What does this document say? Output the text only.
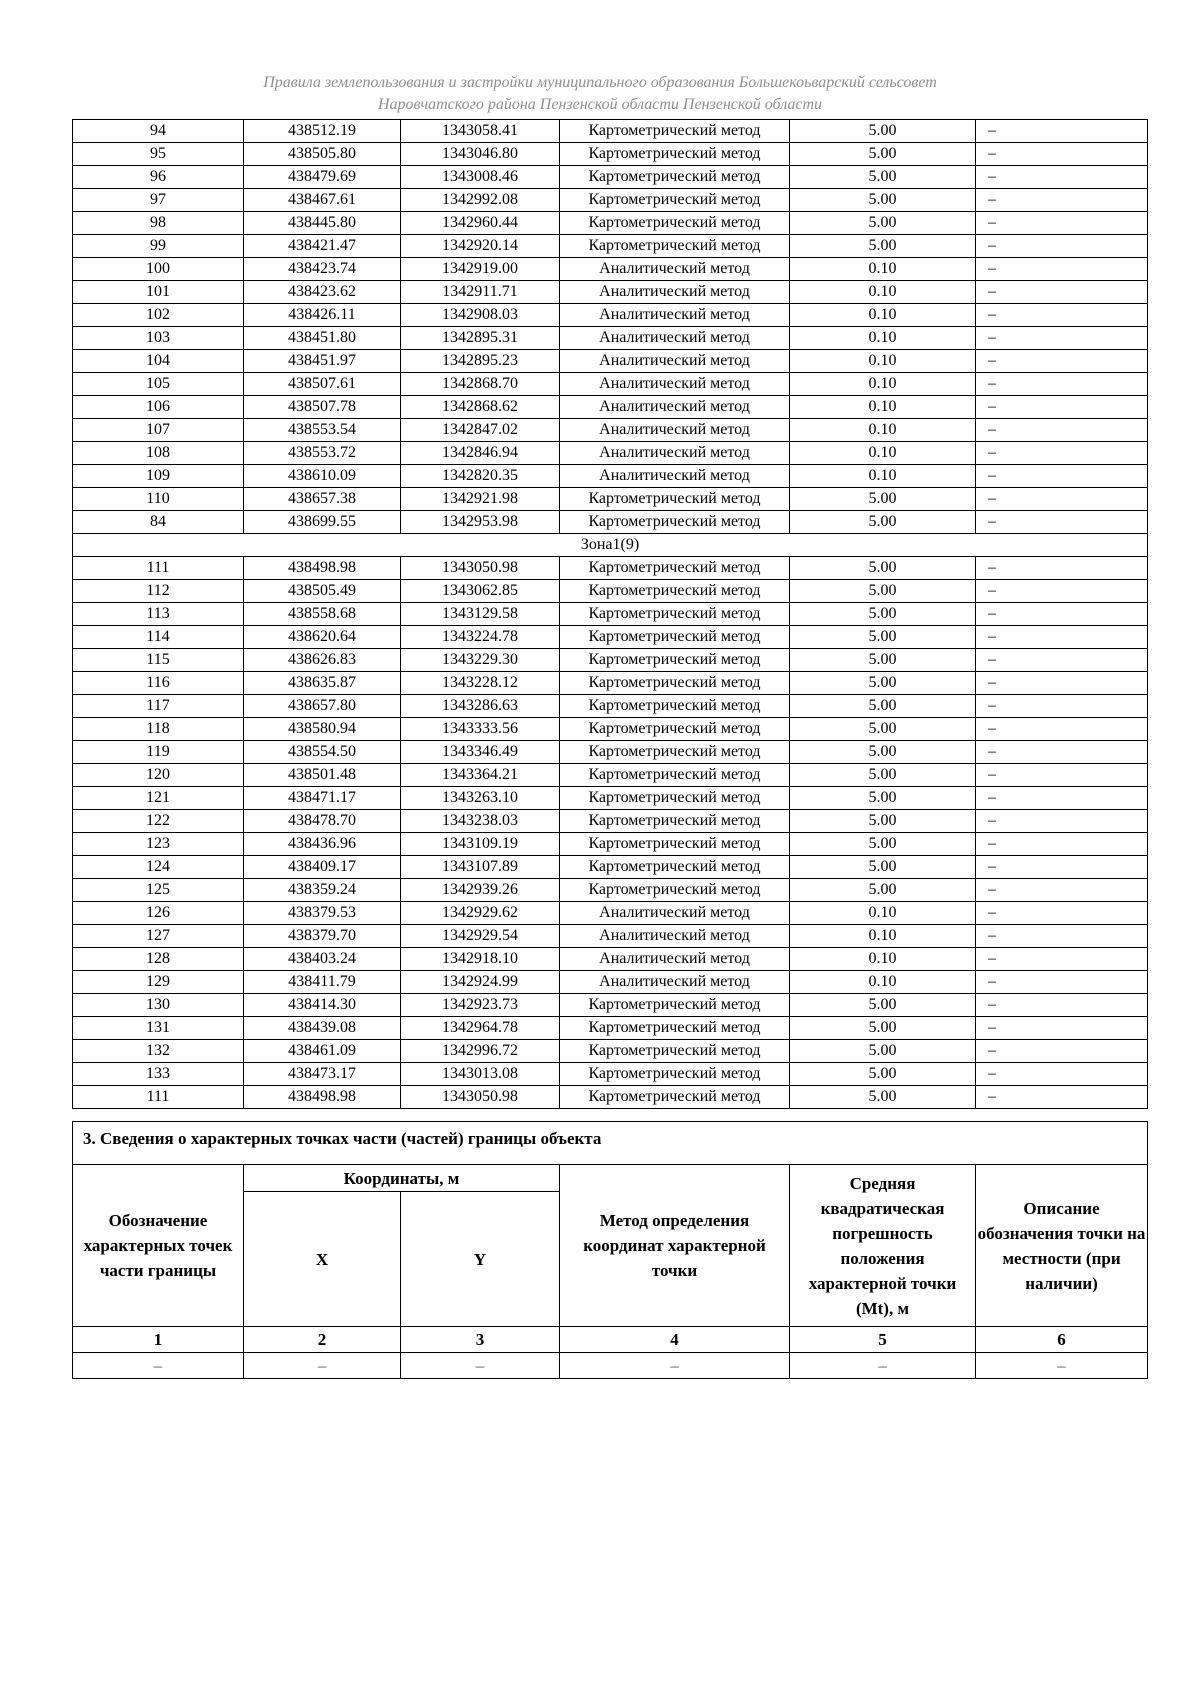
Правила землепользования и застройки муниципального образования Большекоьварский сельсовет
Наровчатского района Пензенской области Пензенской области
94	438512.19	1343058.41	Картометрический метод	5.00	–
95	438505.80	1343046.80	Картометрический метод	5.00	–
96	438479.69	1343008.46	Картометрический метод	5.00	–
97	438467.61	1342992.08	Картометрический метод	5.00	–
98	438445.80	1342960.44	Картометрический метод	5.00	–
99	438421.47	1342920.14	Картометрический метод	5.00	–
100	438423.74	1342919.00	Аналитический метод	0.10	–
101	438423.62	1342911.71	Аналитический метод	0.10	–
102	438426.11	1342908.03	Аналитический метод	0.10	–
103	438451.80	1342895.31	Аналитический метод	0.10	–
104	438451.97	1342895.23	Аналитический метод	0.10	–
105	438507.61	1342868.70	Аналитический метод	0.10	–
106	438507.78	1342868.62	Аналитический метод	0.10	–
107	438553.54	1342847.02	Аналитический метод	0.10	–
108	438553.72	1342846.94	Аналитический метод	0.10	–
109	438610.09	1342820.35	Аналитический метод	0.10	–
110	438657.38	1342921.98	Картометрический метод	5.00	–
84	438699.55	1342953.98	Картометрический метод	5.00	–
Зона1(9)					
111	438498.98	1343050.98	Картометрический метод	5.00	–
112	438505.49	1343062.85	Картометрический метод	5.00	–
113	438558.68	1343129.58	Картометрический метод	5.00	–
114	438620.64	1343224.78	Картометрический метод	5.00	–
115	438626.83	1343229.30	Картометрический метод	5.00	–
116	438635.87	1343228.12	Картометрический метод	5.00	–
117	438657.80	1343286.63	Картометрический метод	5.00	–
118	438580.94	1343333.56	Картометрический метод	5.00	–
119	438554.50	1343346.49	Картометрический метод	5.00	–
120	438501.48	1343364.21	Картометрический метод	5.00	–
121	438471.17	1343263.10	Картометрический метод	5.00	–
122	438478.70	1343238.03	Картометрический метод	5.00	–
123	438436.96	1343109.19	Картометрический метод	5.00	–
124	438409.17	1343107.89	Картометрический метод	5.00	–
125	438359.24	1342939.26	Картометрический метод	5.00	–
126	438379.53	1342929.62	Аналитический метод	0.10	–
127	438379.70	1342929.54	Аналитический метод	0.10	–
128	438403.24	1342918.10	Аналитический метод	0.10	–
129	438411.79	1342924.99	Аналитический метод	0.10	–
130	438414.30	1342923.73	Картометрический метод	5.00	–
131	438439.08	1342964.78	Картометрический метод	5.00	–
132	438461.09	1342996.72	Картометрический метод	5.00	–
133	438473.17	1343013.08	Картометрический метод	5.00	–
111	438498.98	1343050.98	Картометрический метод	5.00	–
3. Сведения о характерных точках части (частей) границы объекта					
Обозначение характерных точек части границы	Координаты, м		Метод определения координат характерной точки	Средняя квадратическая погрешность положения характерной точки (Mt), м	Описание обозначения точки на местности (при наличии)
	X	Y			
1	2	3	4	5	6
–	–	–	–	–	–
